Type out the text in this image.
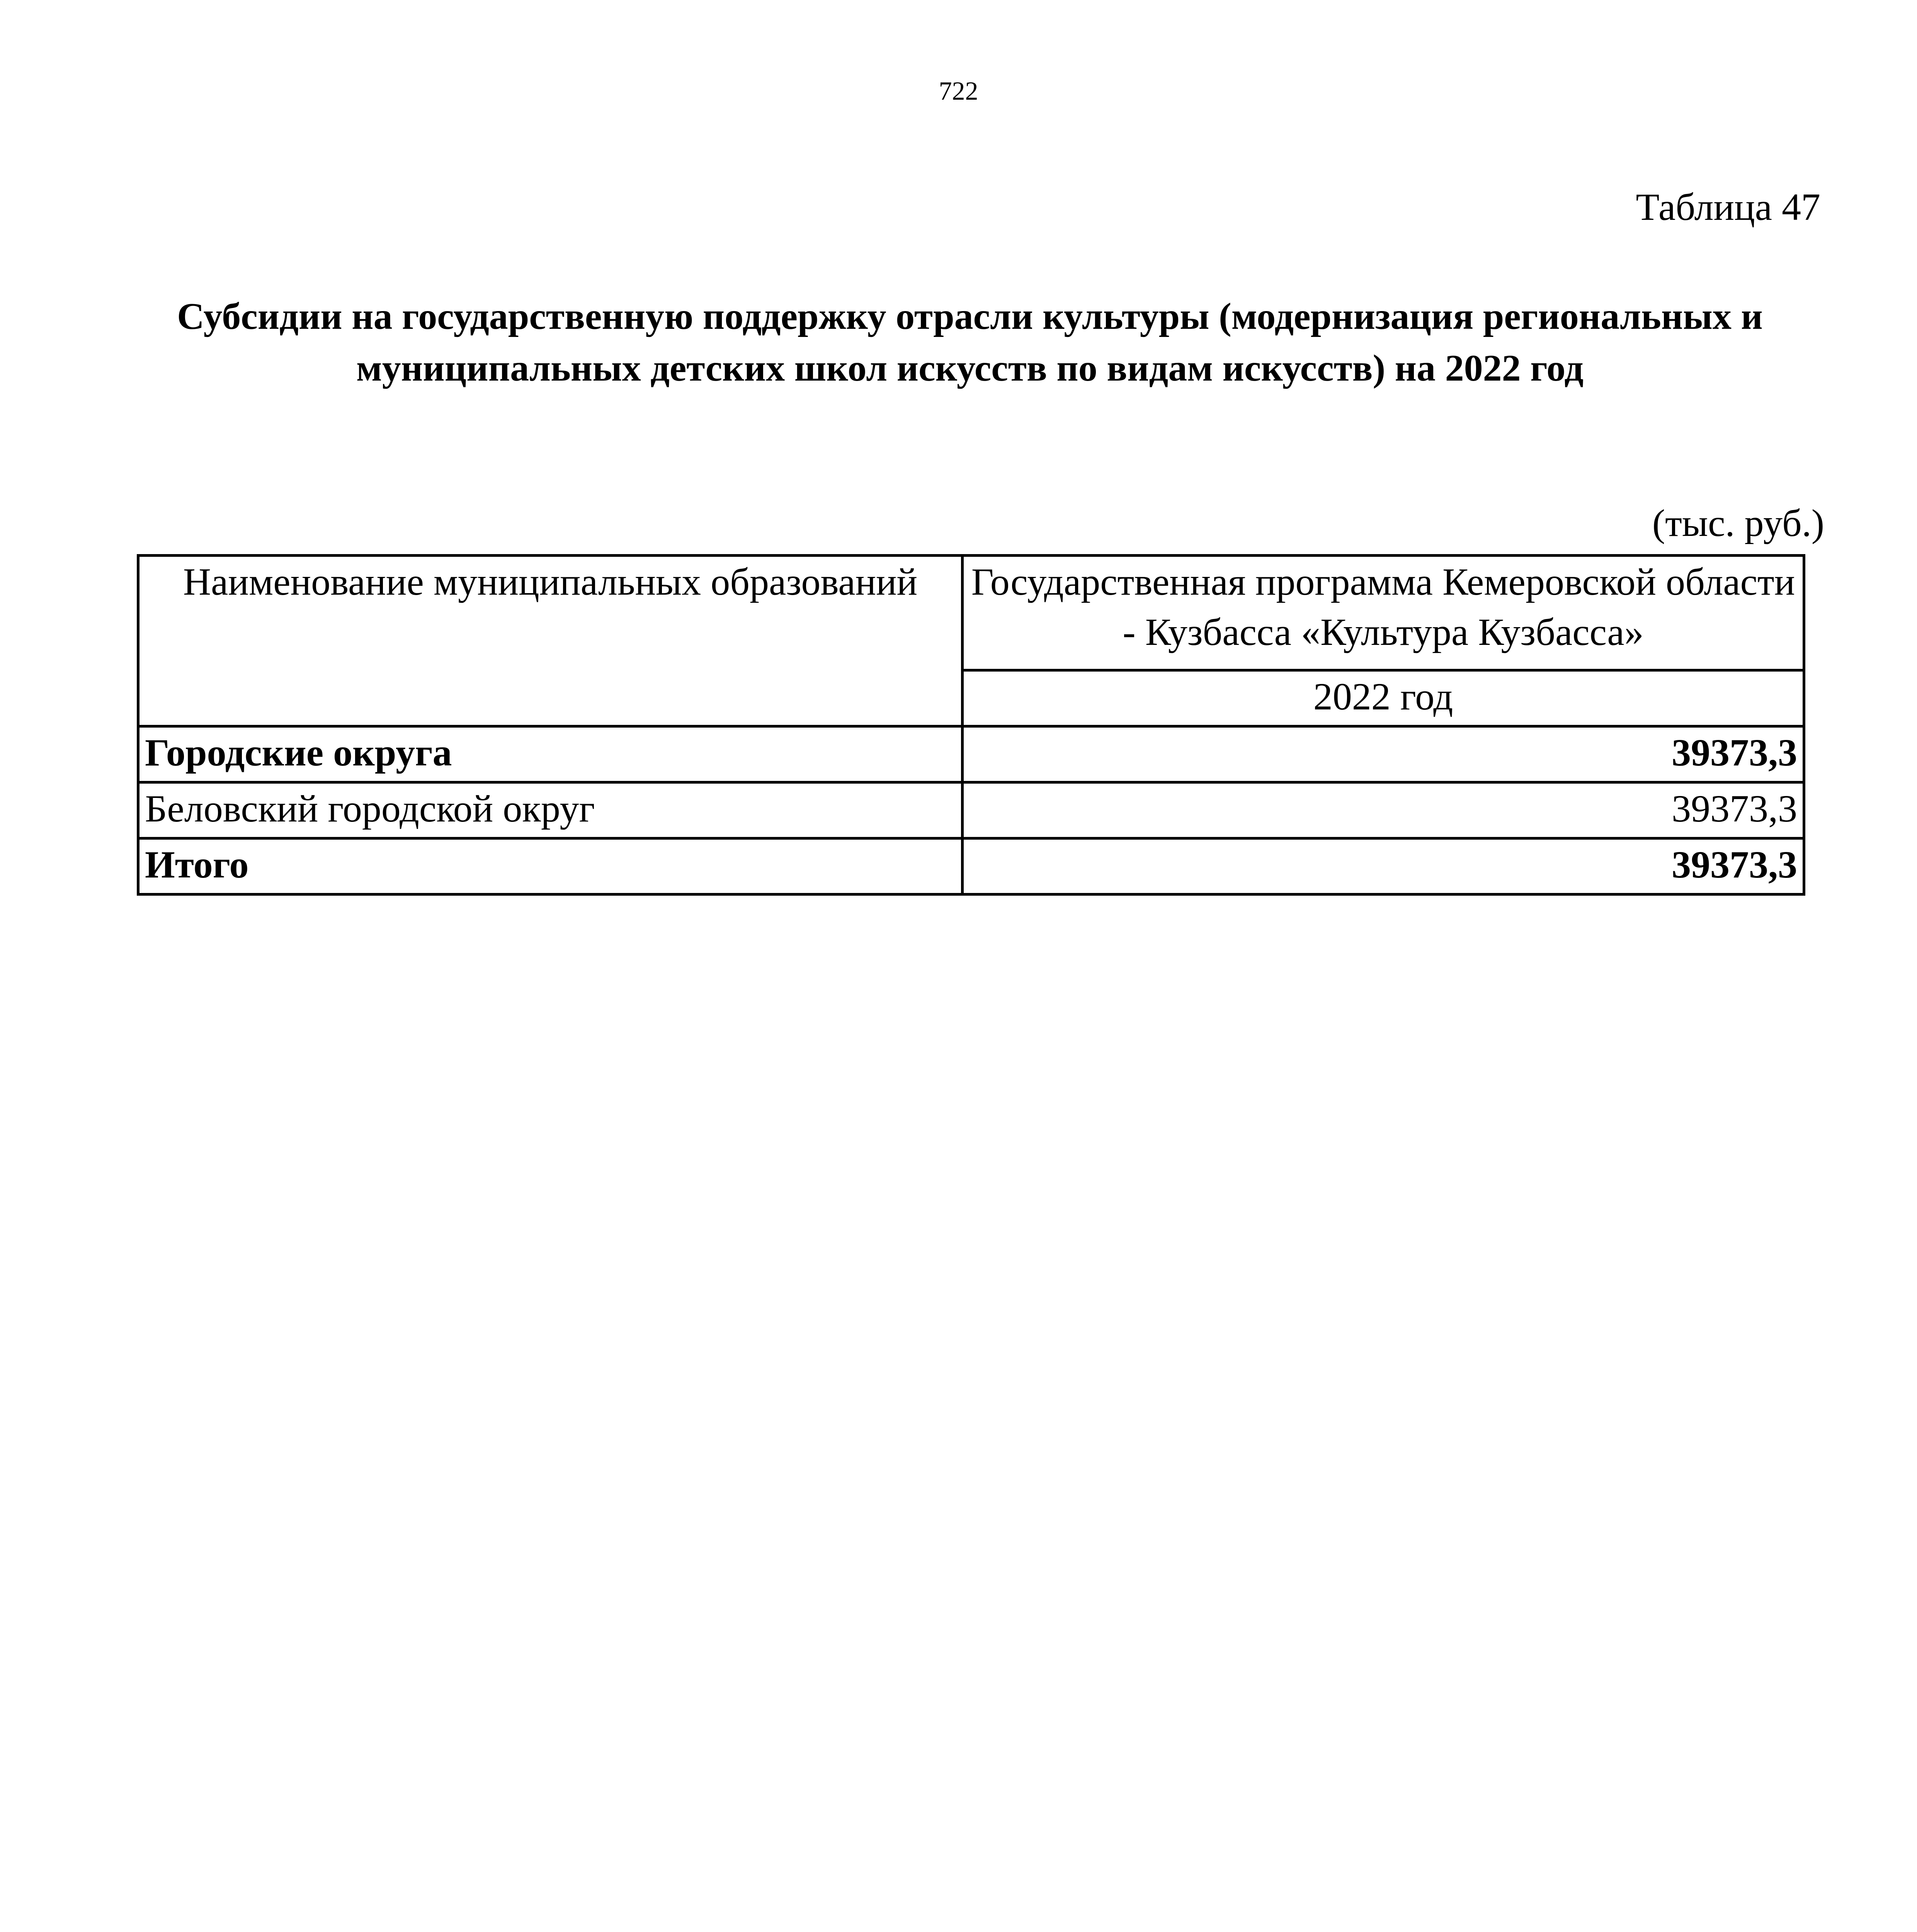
722
Таблица 47
Субсидии на государственную поддержку отрасли культуры (модернизация региональных и муниципальных детских школ искусств по видам искусств) на 2022 год
(тыс. руб.)
Наименование муниципальных образований	Государственная программа Кемеровской области - Кузбасса «Культура Кузбасса»
	2022 год
Городские округа	39373,3
Беловский городской округ	39373,3
Итого	39373,3
